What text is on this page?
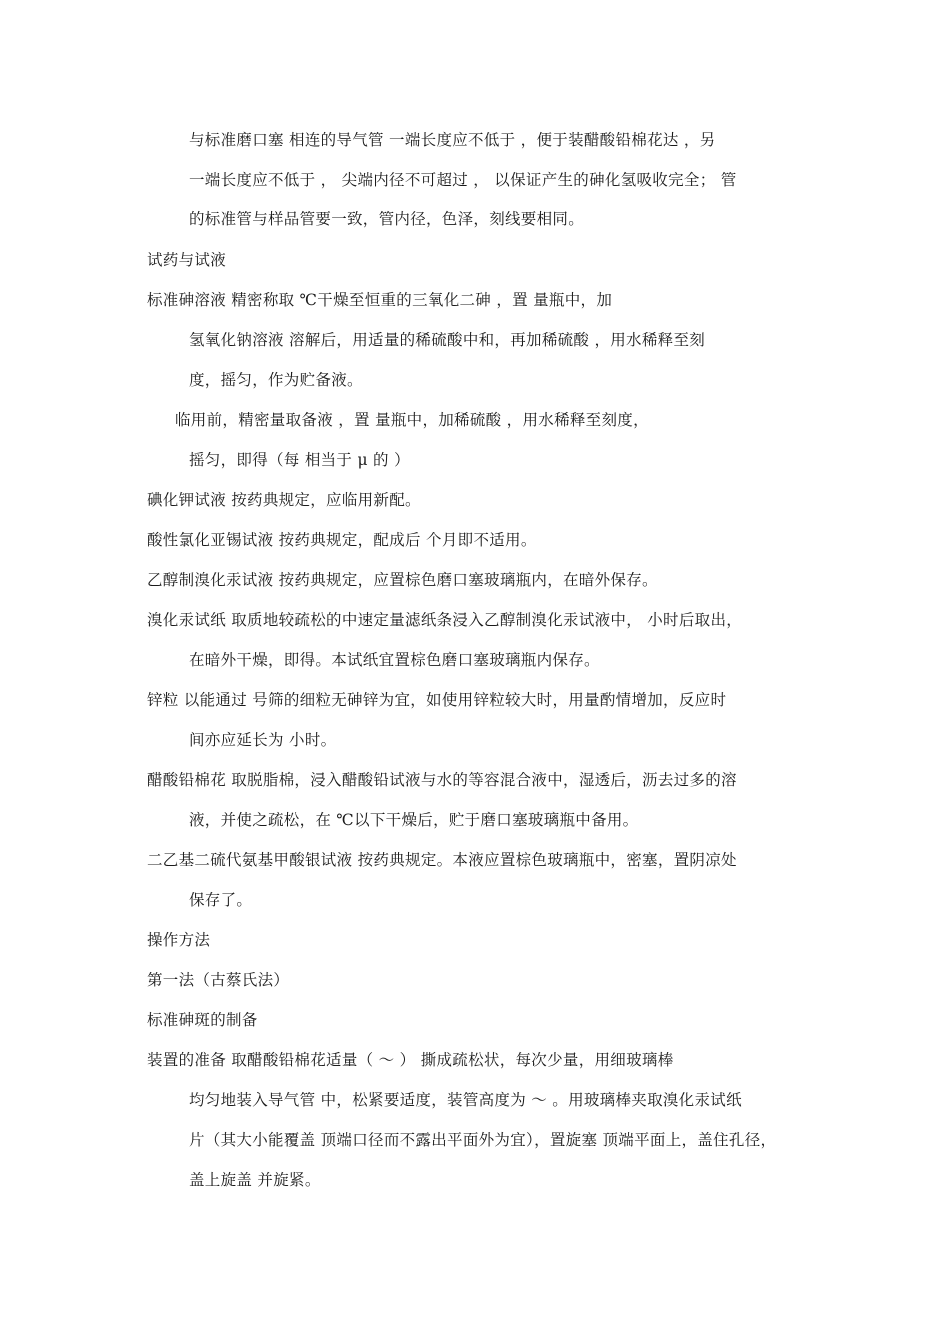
与标准磨口塞 相连的导气管 一端长度应不低于 ，便于装醋酸铅棉花达 ，另
一端长度应不低于 ， 尖端内径不可超过 ， 以保证产生的砷化氢吸收完全； 管
的标准管与样品管要一致，管内径，色泽，刻线要相同。
试药与试液
标准砷溶液 精密称取 ℃干燥至恒重的三氧化二砷 ，置 量瓶中，加
氢氧化钠溶液 溶解后，用适量的稀硫酸中和，再加稀硫酸 ，用水稀释至刻
度，摇匀，作为贮备液。
临用前，精密量取备液 ，置 量瓶中，加稀硫酸 ，用水稀释至刻度，
摇匀，即得（每 相当于 μ 的 ）
碘化钾试液 按药典规定，应临用新配。
酸性氯化亚锡试液 按药典规定，配成后 个月即不适用。
乙醇制溴化汞试液 按药典规定，应置棕色磨口塞玻璃瓶内，在暗外保存。
溴化汞试纸 取质地较疏松的中速定量滤纸条浸入乙醇制溴化汞试液中， 小时后取出，
在暗外干燥，即得。本试纸宜置棕色磨口塞玻璃瓶内保存。
锌粒 以能通过 号筛的细粒无砷锌为宜，如使用锌粒较大时，用量酌情增加，反应时
间亦应延长为 小时。
醋酸铅棉花 取脱脂棉，浸入醋酸铅试液与水的等容混合液中，湿透后，沥去过多的溶
液，并使之疏松，在 ℃以下干燥后，贮于磨口塞玻璃瓶中备用。
二乙基二硫代氨基甲酸银试液 按药典规定。本液应置棕色玻璃瓶中，密塞，置阴凉处
保存了。
操作方法
第一法（古蔡氏法）
标准砷斑的制备
装置的准备 取醋酸铅棉花适量（ ～ ） 撕成疏松状，每次少量，用细玻璃棒
均匀地装入导气管 中，松紧要适度，装管高度为 ～ 。用玻璃棒夹取溴化汞试纸
片（其大小能覆盖 顶端口径而不露出平面外为宜），置旋塞 顶端平面上，盖住孔径，
盖上旋盖 并旋紧。
